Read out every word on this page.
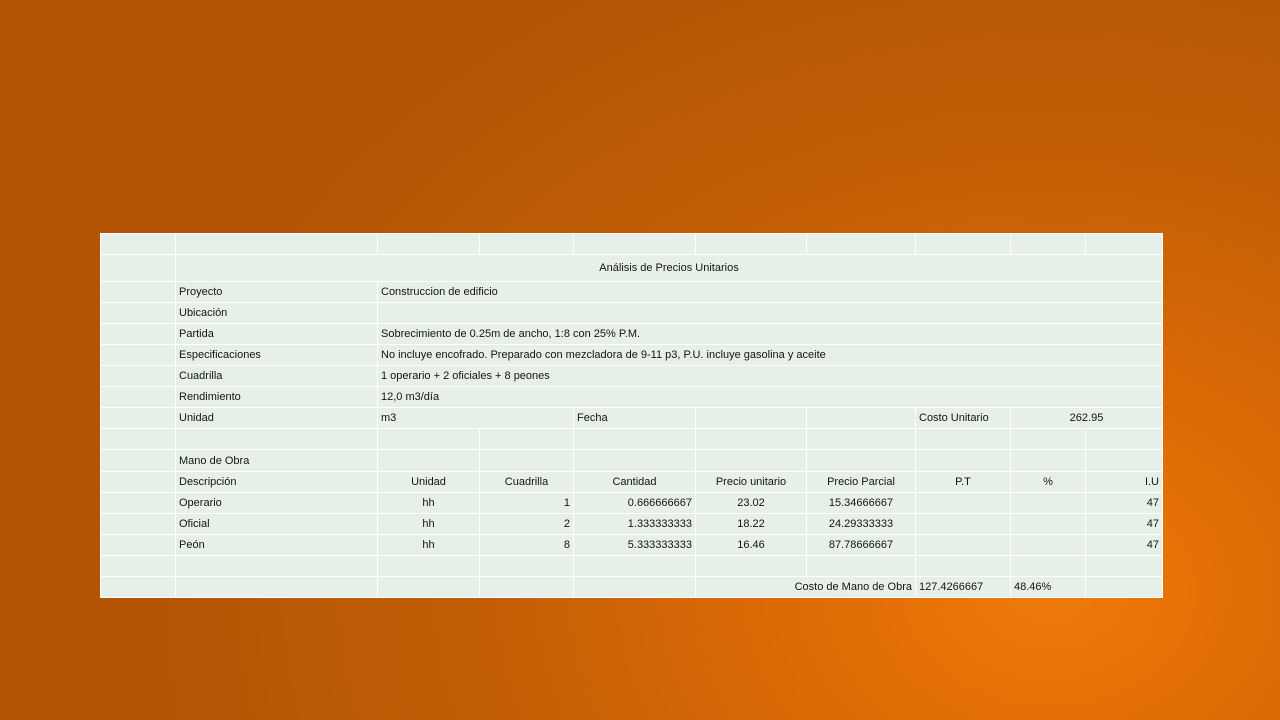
	Análisis de Precios Unitarios								
	Proyecto	Construccion de edificio							
	Ubicación								
	Partida	Sobrecimiento de 0.25m de ancho, 1:8 con 25% P.M.							
	Especificaciones	No incluye encofrado. Preparado con mezcladora de 9-11 p3, P.U. incluye gasolina y aceite							
	Cuadrilla	1 operario + 2 oficiales + 8 peones							
	Rendimiento	12,0 m3/día							
	Unidad	m3		Fecha			Costo Unitario	262.95	

	Mano de Obra								
	Descripción	Unidad	Cuadrilla	Cantidad	Precio unitario	Precio Parcial	P.T	%	I.U
	Operario	hh	1	0.666666667	23.02	15.34666667			47
	Oficial	hh	2	1.333333333	18.22	24.29333333			47
	Peón	hh	8	5.333333333	16.46	87.78666667			47

					Costo de Mano de Obra		127.4266667	48.46%	
